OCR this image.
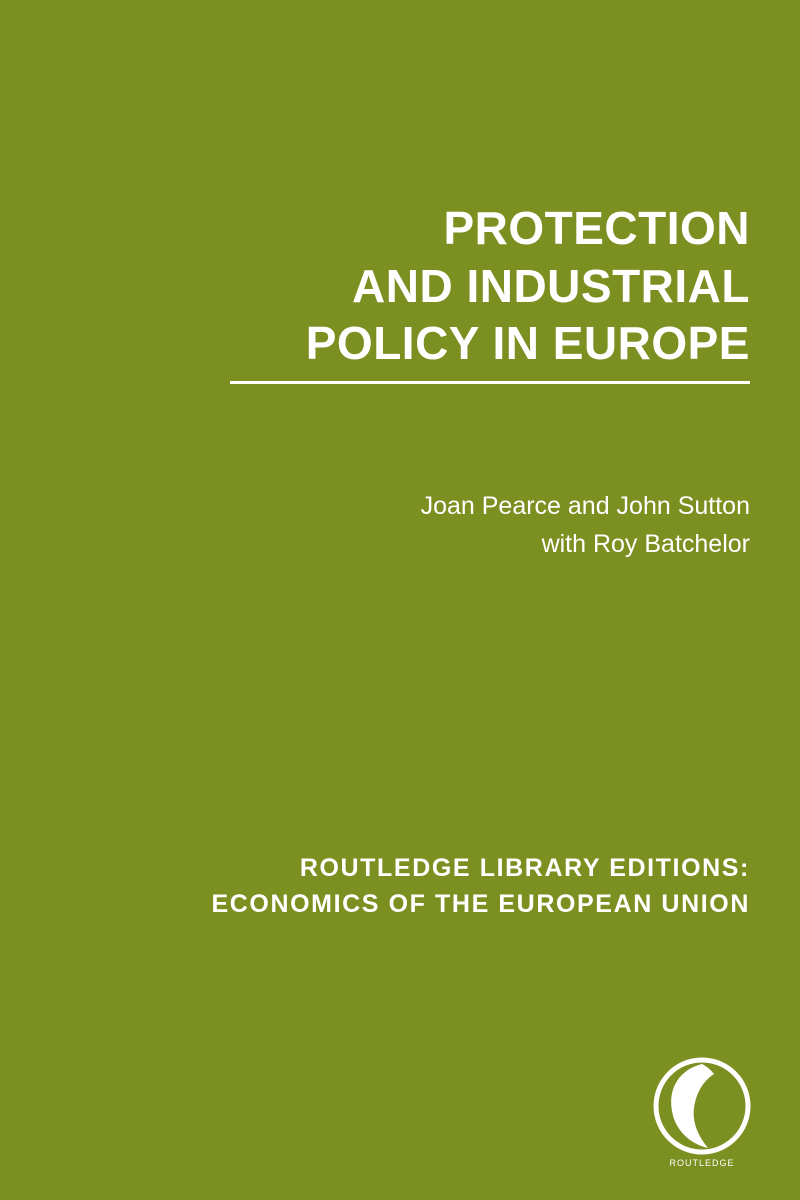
PROTECTION
AND INDUSTRIAL
POLICY IN EUROPE
Joan Pearce and John Sutton
with Roy Batchelor
ROUTLEDGE LIBRARY EDITIONS:
ECONOMICS OF THE EUROPEAN UNION
ROUTLEDGE
